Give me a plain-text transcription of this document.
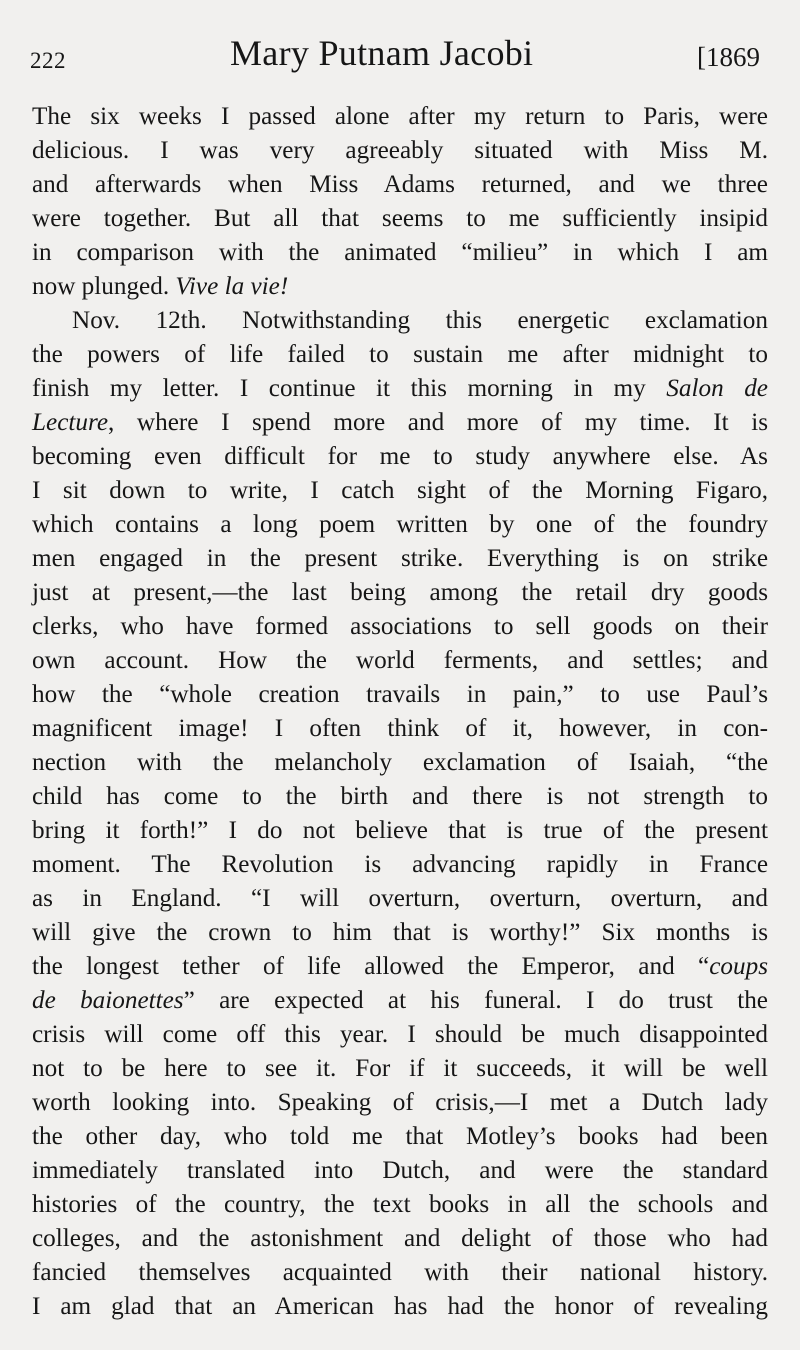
222	Mary Putnam Jacobi	[1869
The six weeks I passed alone after my return to Paris, were
delicious. I was very agreeably situated with Miss M.
and afterwards when Miss Adams returned, and we three
were together. But all that seems to me sufficiently insipid
in comparison with the animated “milieu” in which I am
now plunged. Vive la vie!
Nov. 12th. Notwithstanding this energetic exclamation
the powers of life failed to sustain me after midnight to
finish my letter. I continue it this morning in my Salon de
Lecture, where I spend more and more of my time. It is
becoming even difficult for me to study anywhere else. As
I sit down to write, I catch sight of the Morning Figaro,
which contains a long poem written by one of the foundry
men engaged in the present strike. Everything is on strike
just at present,—the last being among the retail dry goods
clerks, who have formed associations to sell goods on their
own account. How the world ferments, and settles; and
how the “whole creation travails in pain,” to use Paul’s
magnificent image! I often think of it, however, in con-
nection with the melancholy exclamation of Isaiah, “the
child has come to the birth and there is not strength to
bring it forth!” I do not believe that is true of the present
moment. The Revolution is advancing rapidly in France
as in England. “I will overturn, overturn, overturn, and
will give the crown to him that is worthy!” Six months is
the longest tether of life allowed the Emperor, and “coups
de baionettes” are expected at his funeral. I do trust the
crisis will come off this year. I should be much disappointed
not to be here to see it. For if it succeeds, it will be well
worth looking into. Speaking of crisis,—I met a Dutch lady
the other day, who told me that Motley’s books had been
immediately translated into Dutch, and were the standard
histories of the country, the text books in all the schools and
colleges, and the astonishment and delight of those who had
fancied themselves acquainted with their national history.
I am glad that an American has had the honor of revealing
